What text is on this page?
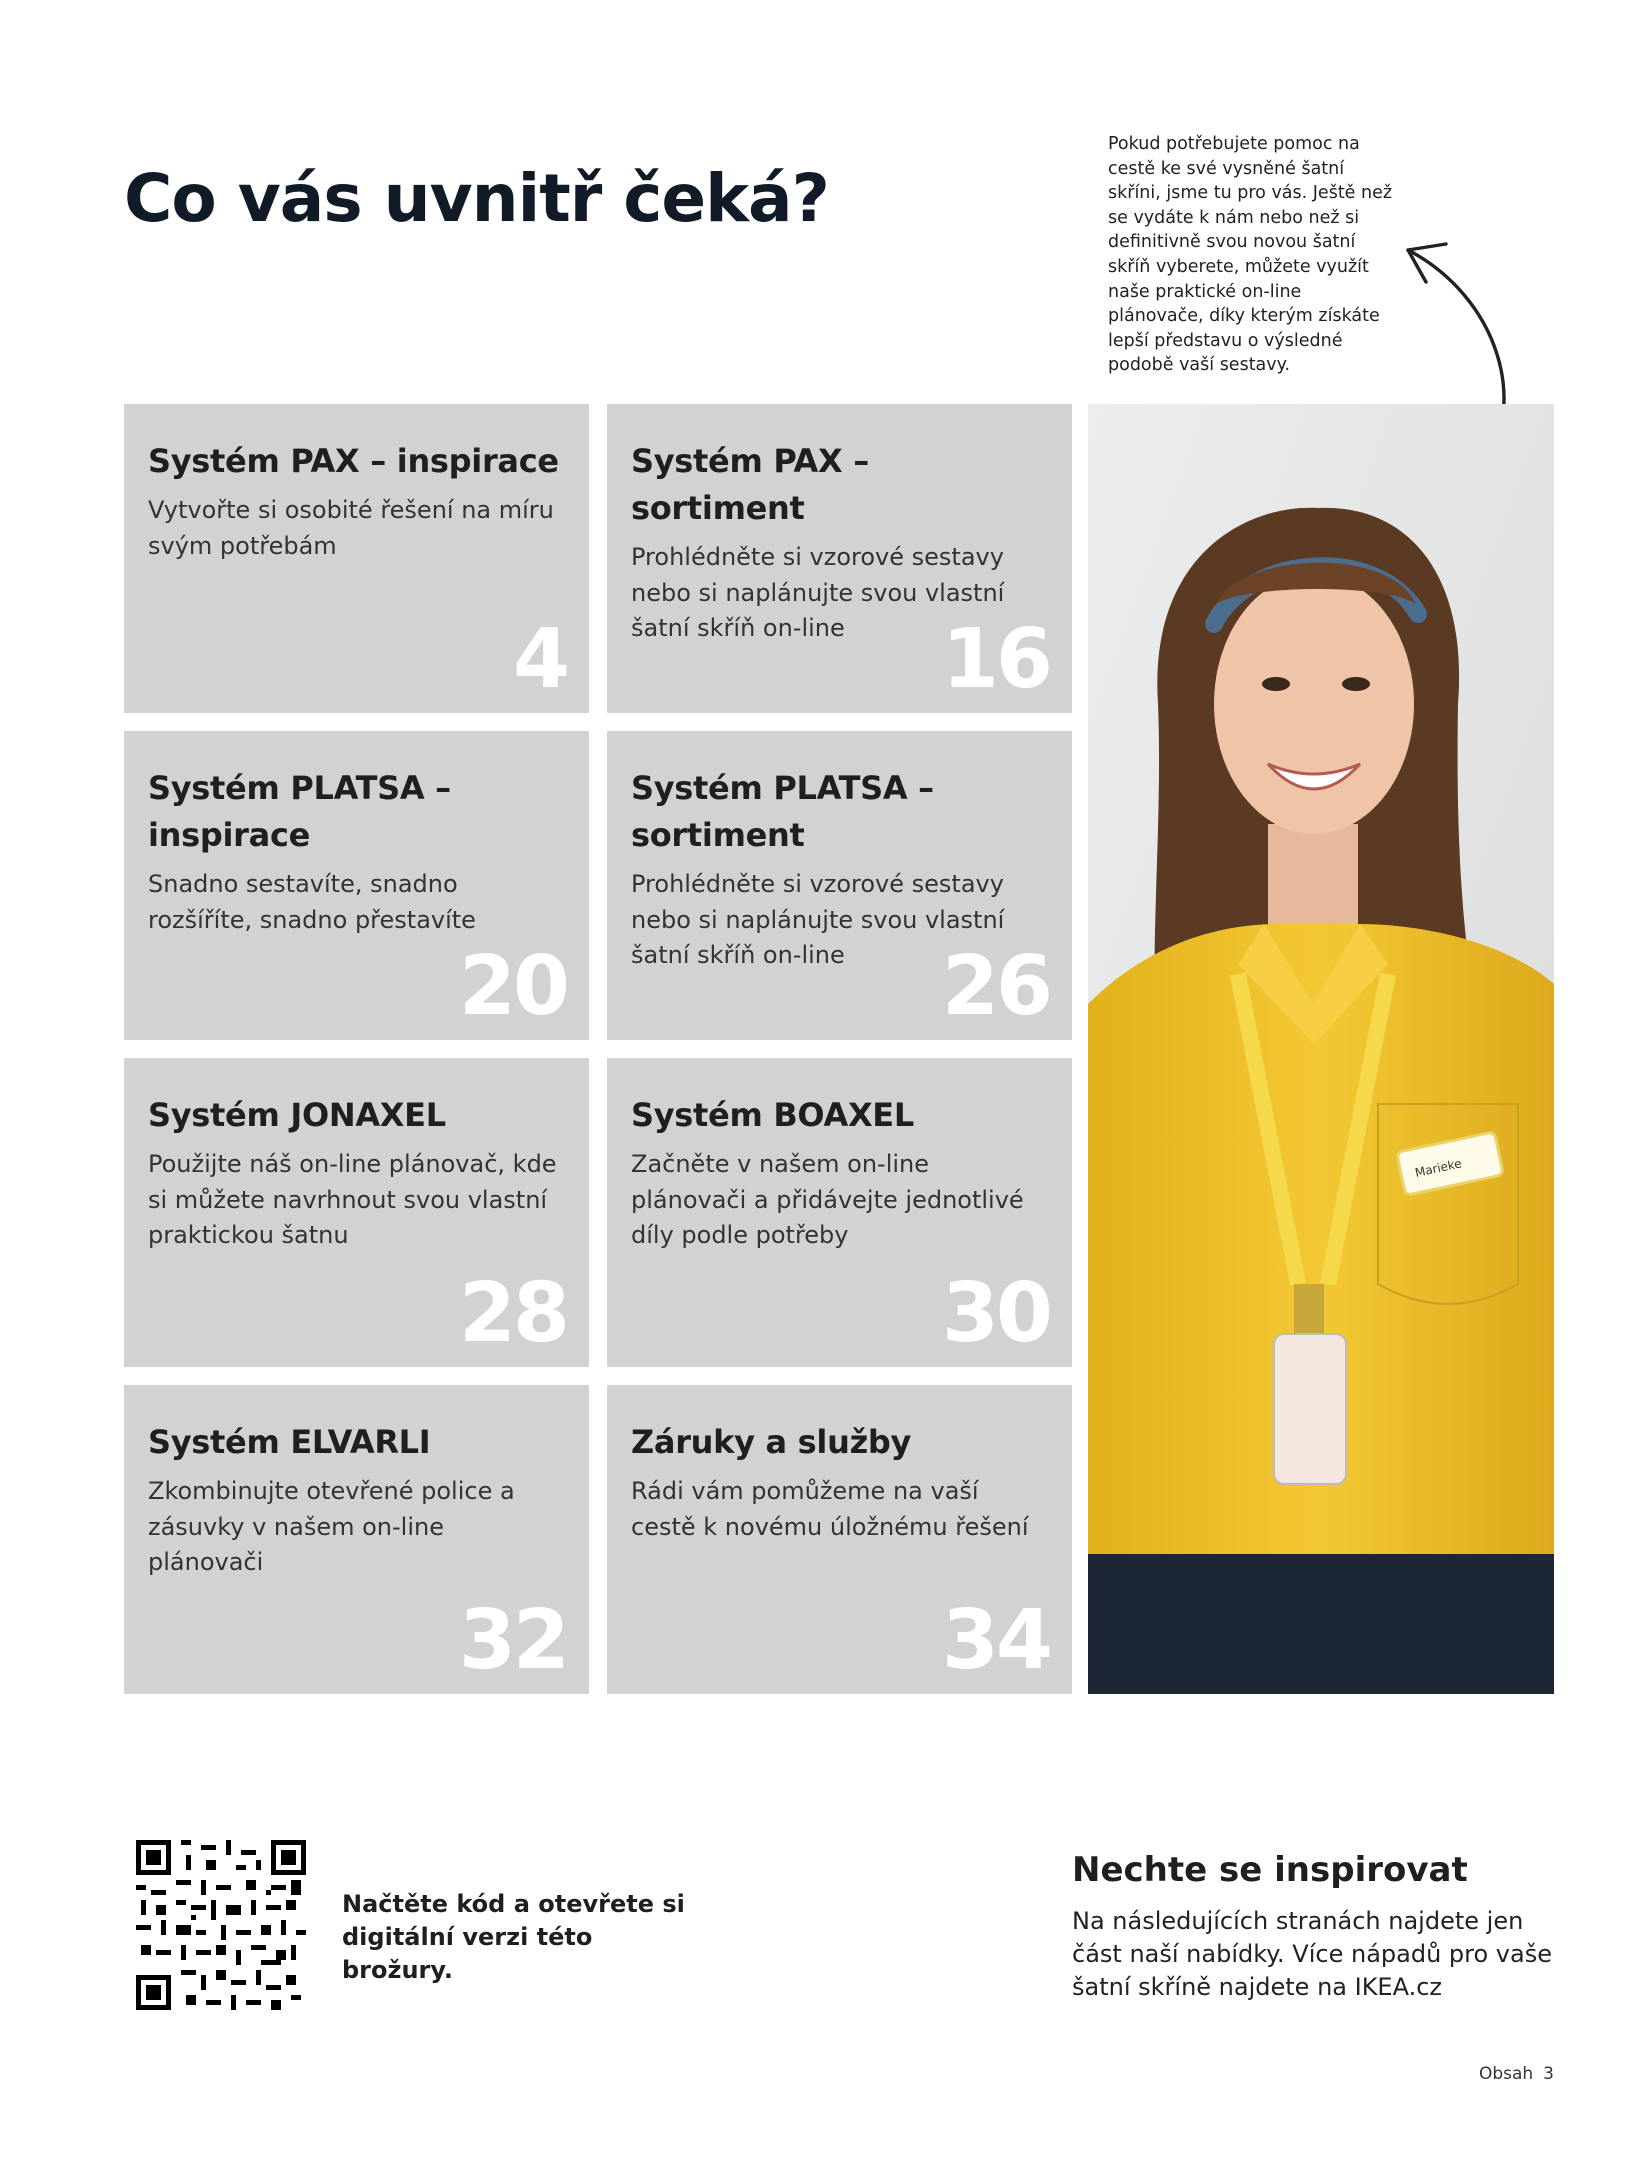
Co vás uvnitř čeká?

Pokud potřebujete pomoc na cestě ke své vysněné šatní skříni, jsme tu pro vás. Ještě než se vydáte k nám nebo než si definitivně svou novou šatní skříň vyberete, můžete využít naše praktické on-line plánovače, díky kterým získáte lepší představu o výsledné podobě vaší sestavy.

Systém PAX – inspirace
Vytvořte si osobité řešení na míru svým potřebám
4
Systém PAX – sortiment
Prohlédněte si vzorové sestavy nebo si naplánujte svou vlastní šatní skříň on-line	16
Systém PLATSA – inspirace
Snadno sestavíte, snadno rozšíříte, snadno přestavíte
20
Systém PLATSA – sortiment
Prohlédněte si vzorové sestavy nebo si naplánujte svou vlastní šatní skříň on-line	26
Systém JONAXEL
Použijte náš on-line plánovač, kde si můžete navrhnout svou vlastní praktickou šatnu
28
Systém BOAXEL
Začněte v našem on-line plánovači a přidávejte jednotlivé díly podle potřeby
30
Systém ELVARLI
Zkombinujte otevřené police a zásuvky v našem on-line plánovači
32
Záruky a služby
Rádi vám pomůžeme na vaší cestě k novému úložnému řešení
34
Marieke

Načtěte kód a otevřete si digitální verzi této brožury.

Nechte se inspirovat

Na následujících stranách najdete jen část naší nabídky. Více nápadů pro vaše šatní skříně najdete na IKEA.cz

Obsah 3
